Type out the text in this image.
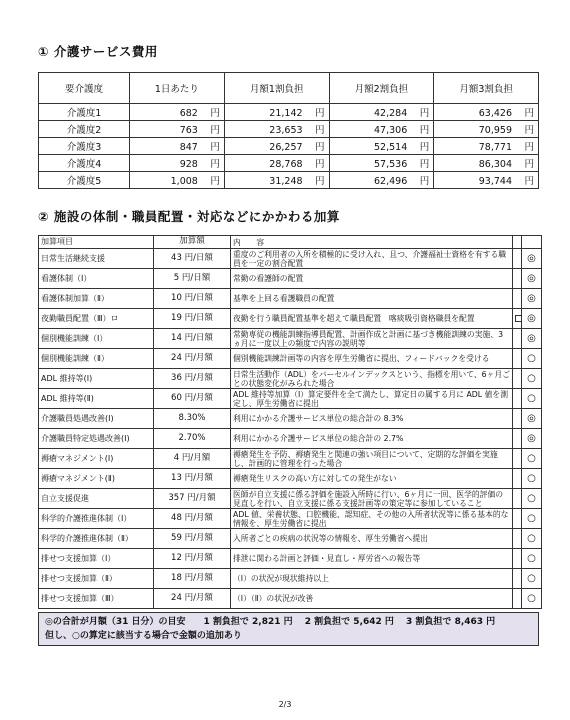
① 介護サービス費用
要介護度	1日あたり	月額1割負担	月額2割負担	月額3割負担
介護度1	682 円	21,142 円	42,284 円	63,426 円
介護度2	763 円	23,653 円	47,306 円	70,959 円
介護度3	847 円	26,257 円	52,514 円	78,771 円
介護度4	928 円	28,768 円	57,536 円	86,304 円
介護度5	1,008 円	31,248 円	62,496 円	93,744 円
② 施設の体制・職員配置・対応などにかかわる加算
加算項目	加算額	内　　容		
日常生活継続支援	43 円/日額	重度のご利用者の入所を積極的に受け入れ、且つ、介護福祉士資格を有する職員を一定の割合配置		◎
看護体制（Ⅰ）	5 円/日額	常勤の看護師の配置		◎
看護体制加算（Ⅱ）	10 円/日額	基準を上回る看護職員の配置		◎
夜勤職員配置（Ⅲ）ロ	19 円/日額	夜勤を行う職員配置基準を超えて職員配置　喀痰吸引資格職員を配置		◎
個別機能訓練（Ⅰ）	14 円/日額	常勤専従の機能訓練指導員配置、計画作成と計画に基づき機能訓練の実施、3ヵ月に一度以上の頻度で内容の説明等		◎
個別機能訓練（Ⅱ）	24 円/月額	個別機能訓練計画等の内容を厚生労働省に提出、フィードバックを受ける		○
ADL 維持等(Ⅰ)	36 円/月額	日常生活動作（ADL）をバーセルインデックスという、指標を用いて、6ヶ月ごとの状態変化がみられた場合		○
ADL 維持等(Ⅱ)	60 円/月額	ADL 維持等加算（Ⅰ）算定要件を全て満たし、算定日の属する月に ADL 値を測定し、厚生労働省に提出		○
介護職員処遇改善(Ⅰ)	8.30%	利用にかかる介護サービス単位の総合計の 8.3%		◎
介護職員特定処遇改善(Ⅰ)	2.70%	利用にかかる介護サービス単位の総合計の 2.7%		◎
褥瘡マネジメント(Ⅰ)	4 円/月額	褥瘡発生を予防、褥瘡発生と関連の強い項目について、定期的な評価を実施し、計画的に管理を行った場合		○
褥瘡マネジメント(Ⅱ)	13 円/月額	褥瘡発生リスクの高い方に対しての発生がない		○
自立支援促進	357 円/月額	医師が自立支援に係る評価を施設入所時に行い、6ヶ月に一回、医学的評価の見直しを行い、自立支援に係る支援計画等の策定等に参加していること		○
科学的介護推進体制（Ⅰ）	48 円/月額	ADL 値、栄養状態、口腔機能、認知症、その他の入所者状況等に係る基本的な情報を、厚生労働省に提出		○
科学的介護推進体制（Ⅱ）	59 円/月額	入所者ごとの疾病の状況等の情報を、厚生労働省へ提出		○
排せつ支援加算（Ⅰ）	12 円/月額	排泄に関わる計画と評価・見直し・厚労省への報告等		○
排せつ支援加算（Ⅱ）	18 円/月額	（Ⅰ）の状況が現状維持以上		○
排せつ支援加算（Ⅲ）	24 円/月額	（Ⅰ）（Ⅱ）の状況が改善		○
◎の合計が月額（31 日分）の目安　　1 割負担で 2,821 円　 2 割負担で 5,642 円　 3 割負担で 8,463 円
但し、○の算定に該当する場合で金額の追加あり
2/3
